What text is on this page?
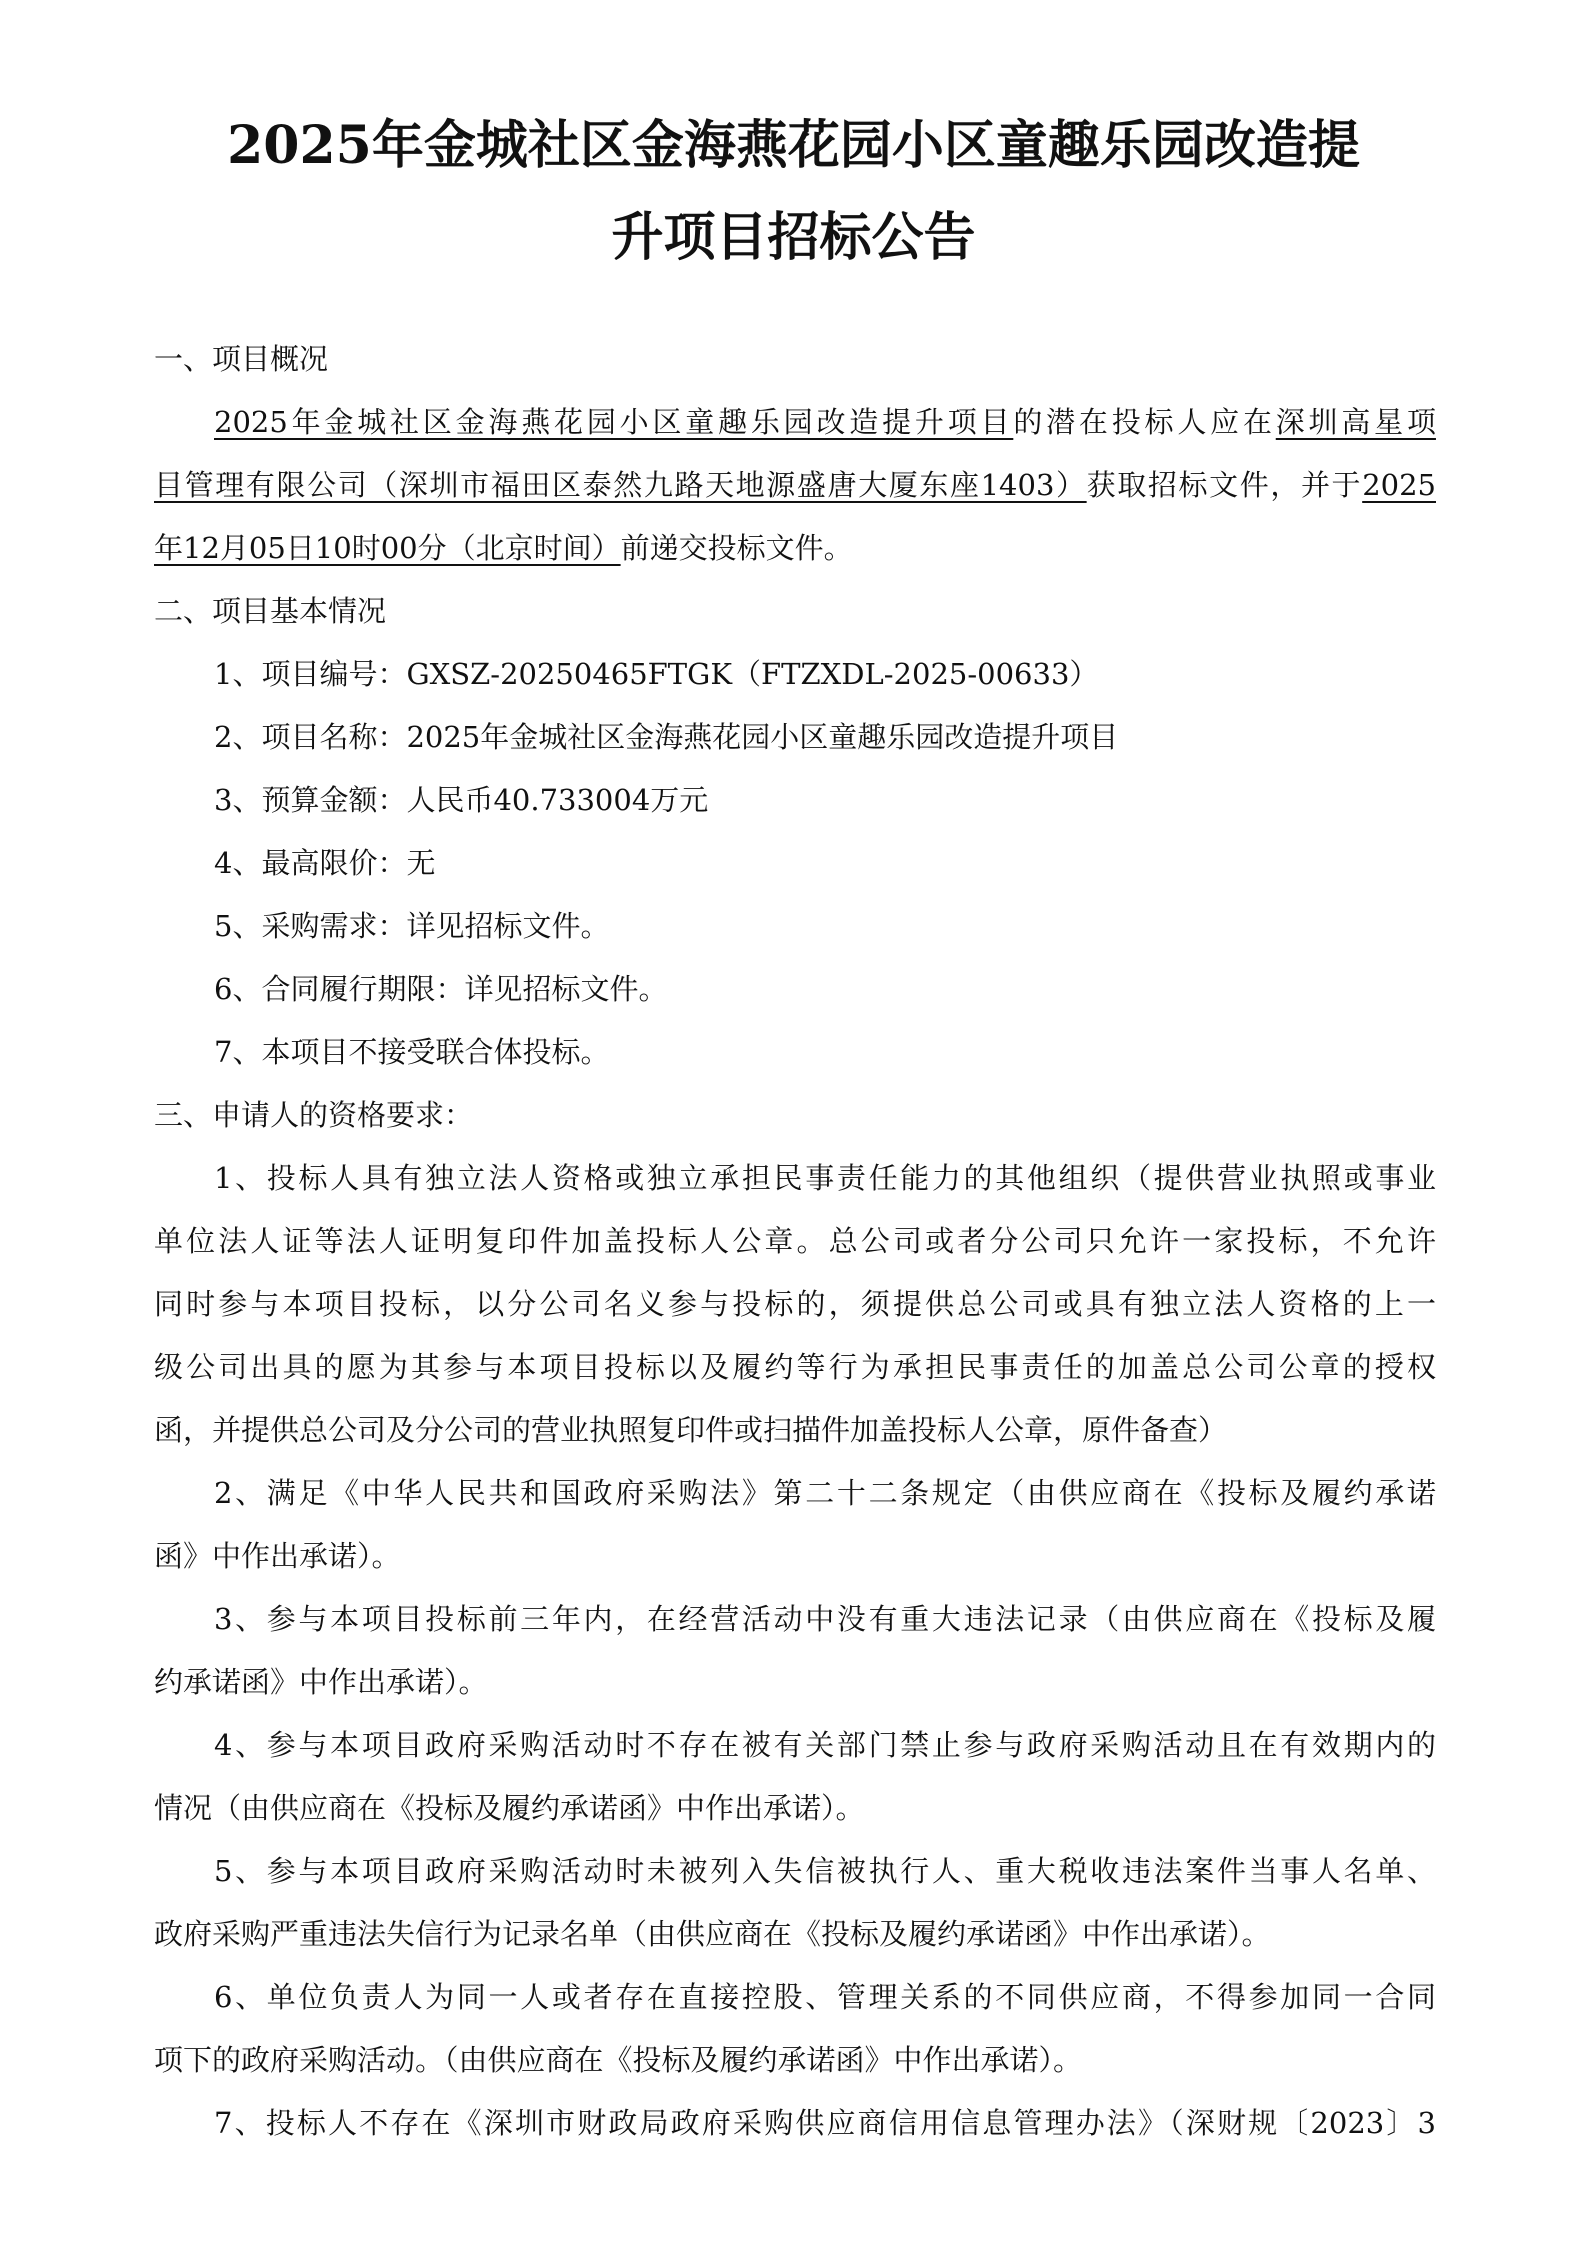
2025年金城社区金海燕花园小区童趣乐园改造提
升项目招标公告
一、项目概况
2025年金城社区金海燕花园小区童趣乐园改造提升项目的潜在投标人应在深圳高星项
目管理有限公司（深圳市福田区泰然九路天地源盛唐大厦东座1403）获取招标文件，并于2025
年12月05日10时00分（北京时间）前递交投标文件。
二、项目基本情况
1、项目编号：GXSZ-20250465FTGK（FTZXDL-2025-00633）
2、项目名称：2025年金城社区金海燕花园小区童趣乐园改造提升项目
3、预算金额：人民币40.733004万元
4、最高限价：无
5、采购需求：详见招标文件。
6、合同履行期限：详见招标文件。
7、本项目不接受联合体投标。
三、申请人的资格要求：
1、投标人具有独立法人资格或独立承担民事责任能力的其他组织（提供营业执照或事业
单位法人证等法人证明复印件加盖投标人公章。总公司或者分公司只允许一家投标，不允许
同时参与本项目投标，以分公司名义参与投标的，须提供总公司或具有独立法人资格的上一
级公司出具的愿为其参与本项目投标以及履约等行为承担民事责任的加盖总公司公章的授权
函，并提供总公司及分公司的营业执照复印件或扫描件加盖投标人公章，原件备查）
2、满足《中华人民共和国政府采购法》第二十二条规定（由供应商在《投标及履约承诺
函》中作出承诺）。
3、参与本项目投标前三年内，在经营活动中没有重大违法记录（由供应商在《投标及履
约承诺函》中作出承诺）。
4、参与本项目政府采购活动时不存在被有关部门禁止参与政府采购活动且在有效期内的
情况（由供应商在《投标及履约承诺函》中作出承诺）。
5、参与本项目政府采购活动时未被列入失信被执行人、重大税收违法案件当事人名单、
政府采购严重违法失信行为记录名单（由供应商在《投标及履约承诺函》中作出承诺）。
6、单位负责人为同一人或者存在直接控股、管理关系的不同供应商，不得参加同一合同
项下的政府采购活动。（由供应商在《投标及履约承诺函》中作出承诺）。
7、投标人不存在《深圳市财政局政府采购供应商信用信息管理办法》（深财规〔2023〕3
